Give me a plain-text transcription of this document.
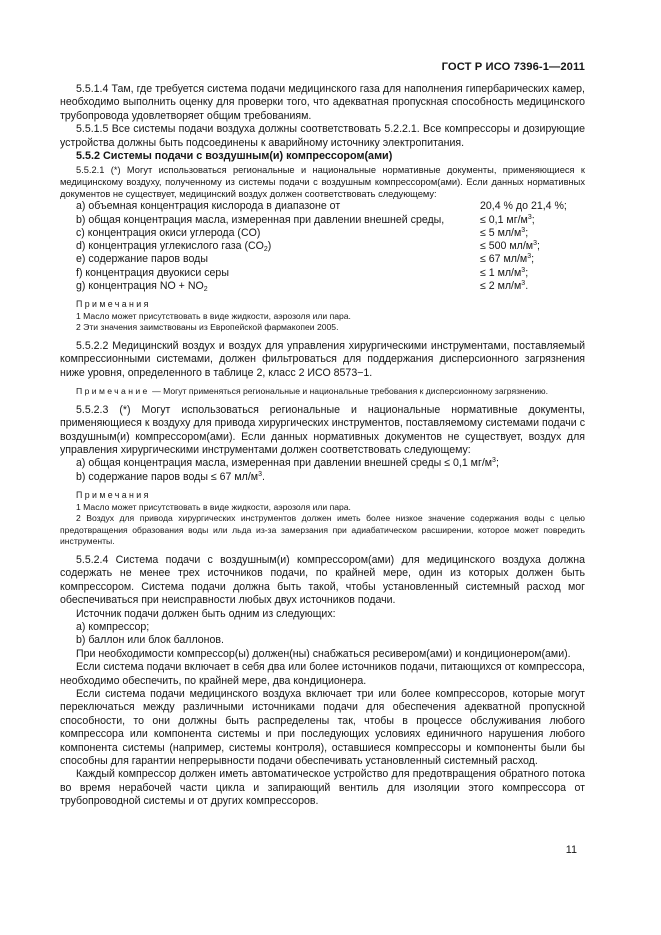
ГОСТ Р ИСО 7396-1—2011

5.5.1.4 Там, где требуется система подачи медицинского газа для наполнения гипербарических камер, необходимо выполнить оценку для проверки того, что адекватная пропускная способность медицинского трубопровода удовлетворяет общим требованиям.

5.5.1.5 Все системы подачи воздуха должны соответствовать 5.2.2.1. Все компрессоры и дозирующие устройства должны быть подсоединены к аварийному источнику электропитания.

5.5.2 Системы подачи с воздушным(и) компрессором(ами)

5.5.2.1 (*) Могут использоваться региональные и национальные нормативные документы, применяющиеся к медицинскому воздуху, полученному из системы подачи с воздушным компрессором(ами). Если данных нормативных документов не существует, медицинский воздух должен соответствовать следующему:

a) объемная концентрация кислорода в диапазоне от	20,4 % до 21,4 %;
b) общая концентрация масла, измеренная при давлении внешней среды,	≤ 0,1 $мг/м^3$;
c) концентрация окиси углерода (CO)	≤ 5 $мл/м^3$;
d) концентрация углекислого газа $(CO_2)$	≤ 500 $мл/м^3$;
e) содержание паров воды	≤ 67 $мл/м^3$;
f) концентрация двуокиси серы	≤ 1 $мл/м^3$;
g) концентрация NO + $NO_2$	≤ 2 $мл/м^3$.
Примечания

1 Масло может присутствовать в виде жидкости, аэрозоля или пара.

2 Эти значения заимствованы из Европейской фармакопеи 2005.

5.5.2.2 Медицинский воздух и воздух для управления хирургическими инструментами, поставляемый компрессионными системами, должен фильтроваться для поддержания дисперсионного загрязнения ниже уровня, определенного в таблице 2, класс 2 ИСО 8573−1.

Примечание — Могут применяться региональные и национальные требования к дисперсионному загрязнению.

5.5.2.3 (*) Могут использоваться региональные и национальные нормативные документы, применяющиеся к воздуху для привода хирургических инструментов, поставляемому системами подачи с воздушным(и) компрессором(ами). Если данных нормативных документов не существует, воздух для управления хирургическими инструментами должен соответствовать следующему:

a) общая концентрация масла, измеренная при давлении внешней среды ≤ 0,1 $мг/м^3$;
b) содержание паров воды ≤ 67 $мл/м^3$.
Примечания

1 Масло может присутствовать в виде жидкости, аэрозоля или пара.

2 Воздух для привода хирургических инструментов должен иметь более низкое значение содержания воды с целью предотвращения образования воды или льда из-за замерзания при адиабатическом расширении, которое может повредить инструменты.

5.5.2.4 Система подачи с воздушным(и) компрессором(ами) для медицинского воздуха должна содержать не менее трех источников подачи, по крайней мере, один из которых должен быть компрессором. Система подачи должна быть такой, чтобы установленный системный расход мог обеспечиваться при неисправности любых двух источников подачи.

Источник подачи должен быть одним из следующих:

a) компрессор;

b) баллон или блок баллонов.

При необходимости компрессор(ы) должен(ны) снабжаться ресивером(ами) и кондиционером(ами).

Если система подачи включает в себя два или более источников подачи, питающихся от компрессора, необходимо обеспечить, по крайней мере, два кондиционера.

Если система подачи медицинского воздуха включает три или более компрессоров, которые могут переключаться между различными источниками подачи для обеспечения адекватной пропускной способности, то они должны быть распределены так, чтобы в процессе обслуживания любого компрессора или компонента системы и при последующих условиях единичного нарушения любого компонента системы (например, системы контроля), оставшиеся компрессоры и компоненты были бы способны для гарантии непрерывности подачи обеспечивать установленный системный расход.

Каждый компрессор должен иметь автоматическое устройство для предотвращения обратного потока во время нерабочей части цикла и запирающий вентиль для изоляции этого компрессора от трубопроводной системы и от других компрессоров.

11
